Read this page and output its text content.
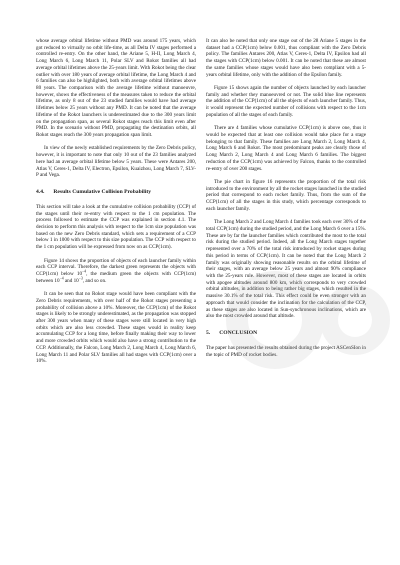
whose average orbital lifetime without PMD was around 175 years, which got reduced to virtually no orbit life-time, as all Delta IV stages performed a controlled re-entry. On the other hand, the Ariane 5, H-II, Long March 4, Long March 6, Long March 11, Polar SLV and Rokot families all had average orbital lifetimes above the 25-years limit. With Rokot being the clear outlier with over 180 years of average orbital lifetime, the Long March 4 and 6 families can also be highlighted, both with average orbital lifetimes above 80 years. The comparison with the average lifetime without manoeuvre, however, shows the effectiveness of the measures taken to reduce the orbital lifetime, as only 8 out of the 23 studied families would have had average lifetimes below 25 years without any PMD. It can be noted that the average lifetime of the Rokot launchers is underestimated due to the 300 years limit on the propagation span, as several Rokot stages reach this limit even after PMD. In the scenario without PMD, propagating the destination orbits, all Rokot stages reach the 300 years propagation span limit.

In view of the newly established requirements by the Zero Debris policy, however, it is important to note that only 10 out of the 23 families analyzed here had an average orbital lifetime below 5 years. These were Antares 200, Atlas V, Ceres-1, Delta IV, Electron, Epsilon, Kuaizhou, Long March 7, SLV-P and Vega.

4.4. Results Cumulative Collision Probability

This section will take a look at the cumulative collision probability (CCP) of the stages until their re-entry with respect to the 1 cm population. The process followed to estimate the CCP was explained in section 4.1. The decision to perform this analysis with respect to the 1cm size population was based on the new Zero Debris standard, which sets a requirement of a CCP below 1 in 1000 with respect to this size population. The CCP with respect to the 1 cm population will be expressed from now on as CCP(1cm).

Figure 14 shows the proportion of objects of each launcher family within each CCP interval. Therefore, the darkest green represents the objects with CCP(1cm) below $10^{-4}$, the medium green the objects with CCP(1cm) between $10^{-4}$ and $10^{-3}$, and so on.

It can be seen that no Rokot stage would have been compliant with the Zero Debris requirements, with over half of the Rokot stages presenting a probability of collision above a 10%. Moreover, the CCP(1cm) of the Rokot stages is likely to be strongly underestimated, as the propagation was stopped after 300 years when many of these stages were still located in very high orbits which are also less crowded. These stages would in reality keep accumulating CCP for a long time, before finally making their way to lower and more crowded orbits which would also have a strong contribution to the CCP. Additionally, the Falcon, Long March 2, Long March 4, Long March 6, Long March 11 and Polar SLV families all had stages with CCP(1cm) over a 10%.

It can also be noted that only one stage out of the 28 Ariane 5 stages in the dataset had a CCP(1cm) below 0.001, thus compliant with the Zero Debris policy. The families Antares 200, Atlas V, Ceres-1, Delta IV, Epsilon had all the stages with CCP(1cm) below 0.001. It can be noted that these are almost the same families whose stages would have also been compliant with a 5-years orbital lifetime, only with the addition of the Epsilon family.

Figure 15 shows again the number of objects launched by each launcher family and whether they manoeuvred or not. The solid blue line represents the addition of the CCP(1cm) of all the objects of each launcher family. Thus, it would represent the expected number of collisions with respect to the 1cm population of all the stages of each family.

There are 4 families whose cumulative CCP(1cm) is above one, thus it would be expected that at least one collision would take place for a stage belonging to that family. These families are Long March 2, Long March 4, Long March 6 and Rokot. The most predominant peaks are clearly those of Long March 2, Long March 4 and Long March 6 families. The biggest reduction of the CCP(1cm) was achieved by Falcon, thanks to the controlled re-entry of over 200 stages.

The pie chart in figure 16 represents the proportion of the total risk introduced to the environment by all the rocket stages launched in the studied period that correspond to each rocket family. Thus, from the sum of the CCP(1cm) of all the stages in this study, which percentage corresponds to each launcher family.

The Long March 2 and Long March 4 families took each over 30% of the total CCP(1cm) during the studied period, and the Long March 6 over a 15%. These are by far the launcher families which contributed the most to the total risk during the studied period. Indeed, all the Long March stages together represented over a 70% of the total risk introduced by rocket stages during this period in terms of CCP(1cm). It can be noted that the Long March 2 family was originally showing reasonable results on the orbital lifetime of their stages, with an average below 25 years and almost 90% compliance with the 25-years rule. However, most of these stages are located in orbits with apogee altitudes around 800 km, which corresponds to very crowded orbital altitudes, in addition to being rather big stages, which resulted in the massive 30.1% of the total risk. This effect could be even stronger with an approach that would consider the inclination for the calculation of the CCP, as these stages are also located in Sun-synchronous inclinations, which are also the most crowded around that altitude.

5. CONCLUSION

The paper has presented the results obtained during the project ASCenSIon in the topic of PMD of rocket bodies.
